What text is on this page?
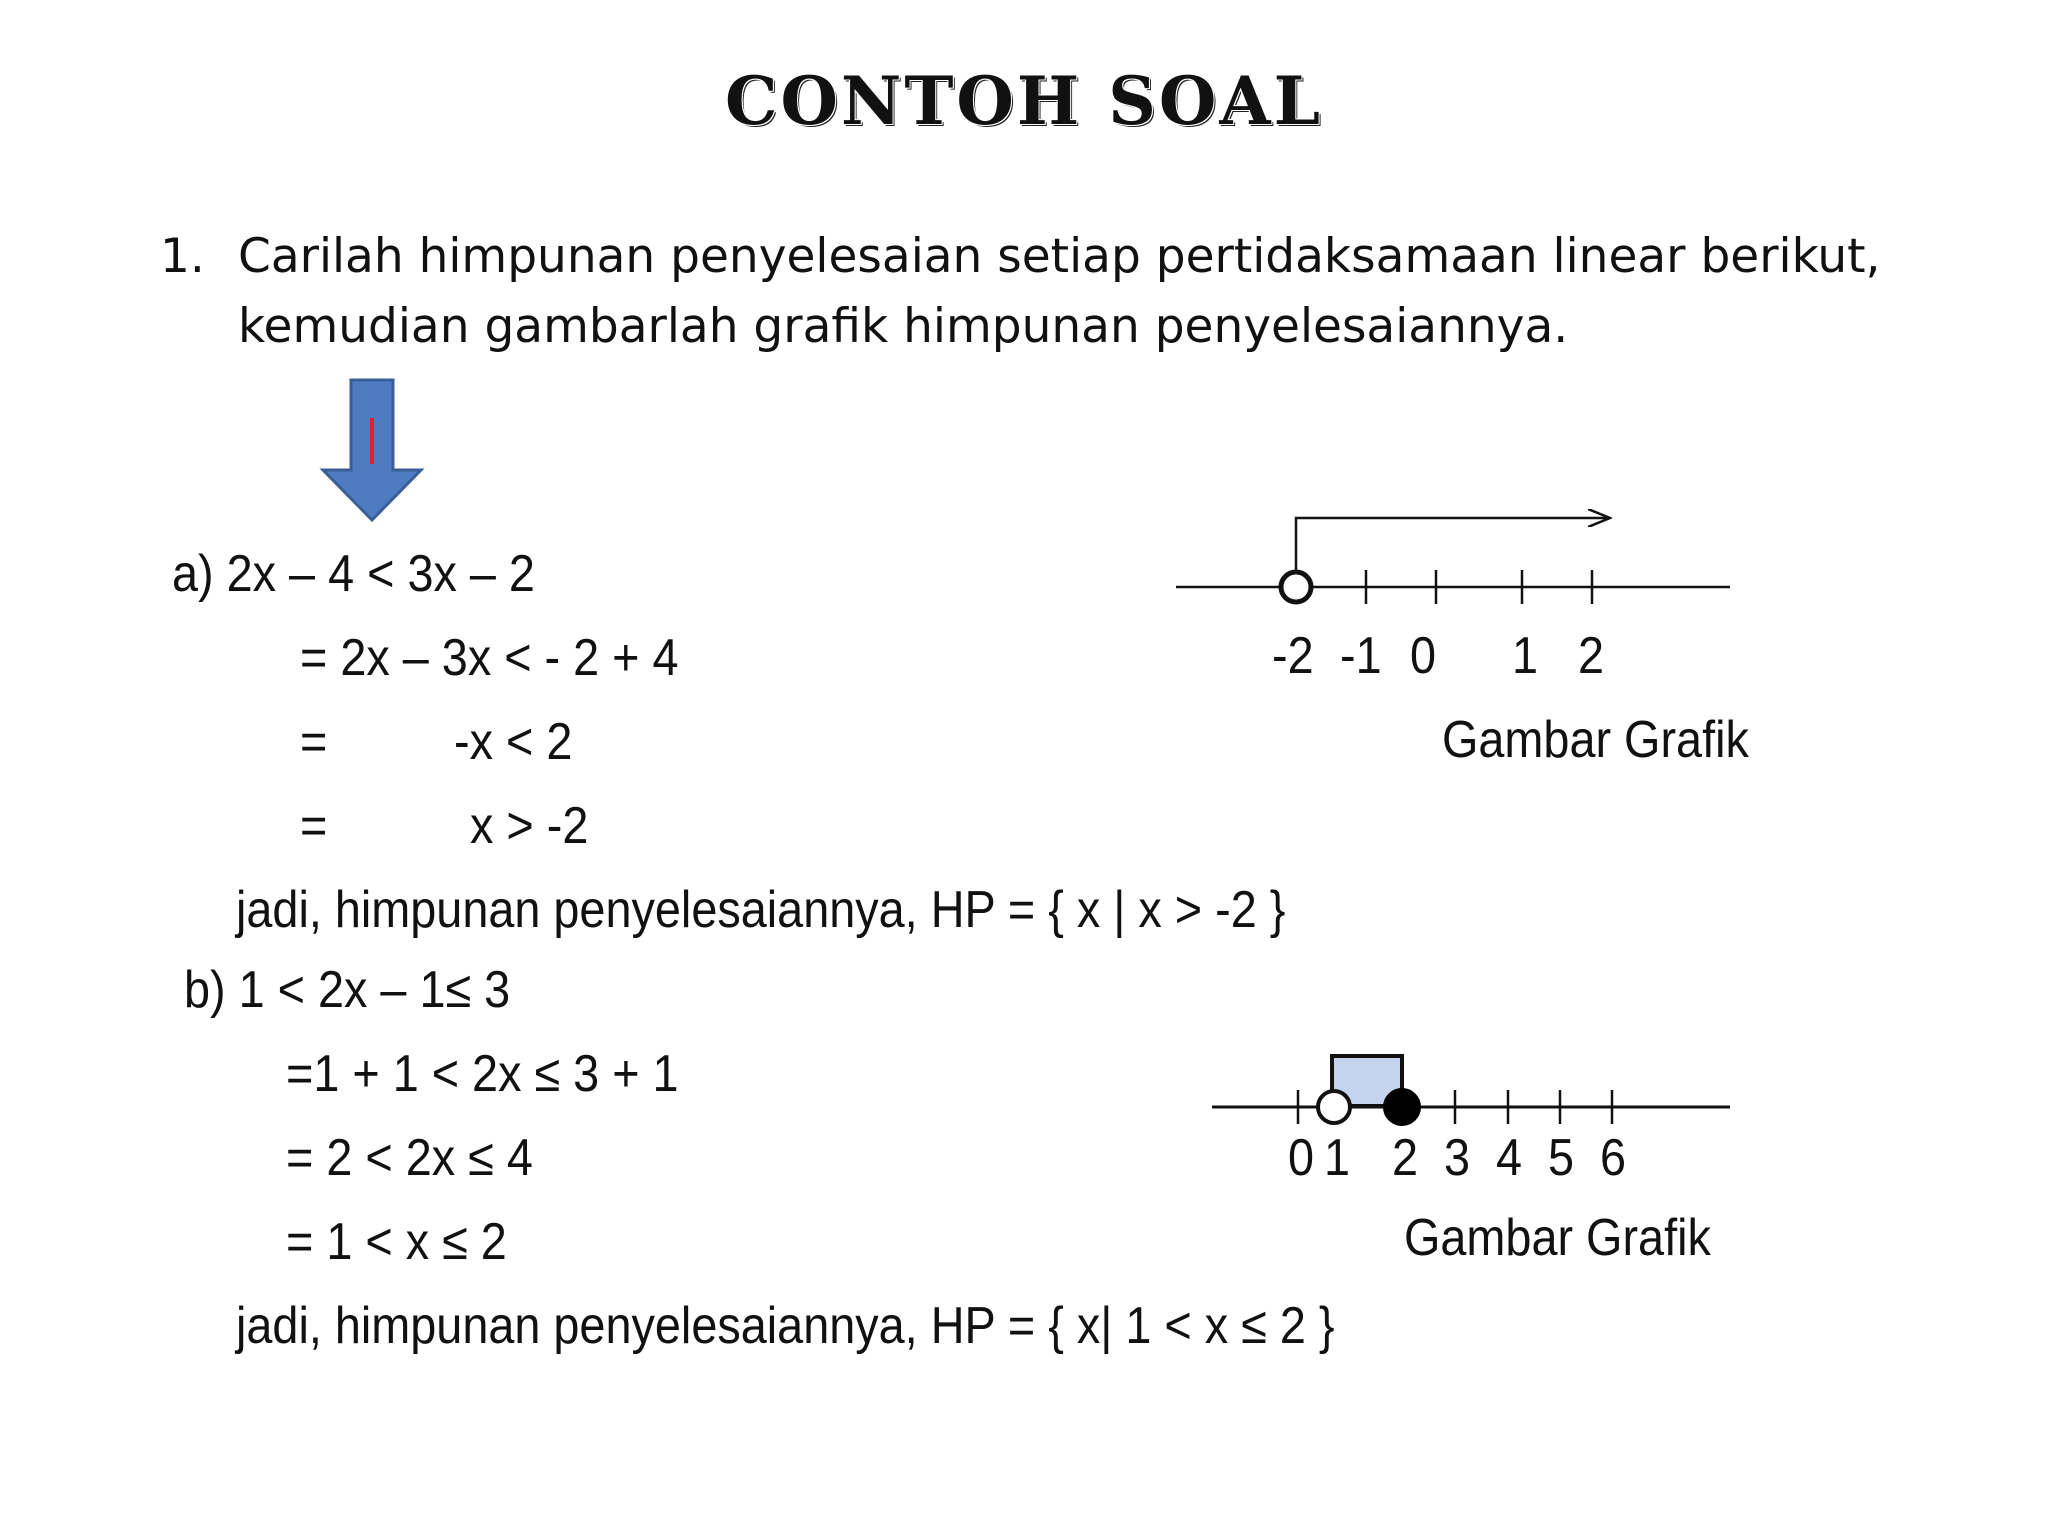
CONTOH SOAL
1. Carilah himpunan penyelesaian setiap pertidaksamaan linear berikut,
kemudian gambarlah grafik himpunan penyelesaiannya.
a) 2x – 4 < 3x – 2
= 2x – 3x < - 2 + 4
= -x < 2
=	x > -2
jadi, himpunan penyelesaiannya, HP = { x | x > -2 }
-2 -1 0 1 2
Gambar Grafik
b) 1 < 2x – 1≤ 3
=1 + 1 < 2x ≤ 3 + 1
= 2 < 2x ≤ 4
= 1 < x ≤ 2
jadi, himpunan penyelesaiannya, HP = { x| 1 < x ≤ 2 }
0 1 2 3 4 5 6
Gambar Grafik
